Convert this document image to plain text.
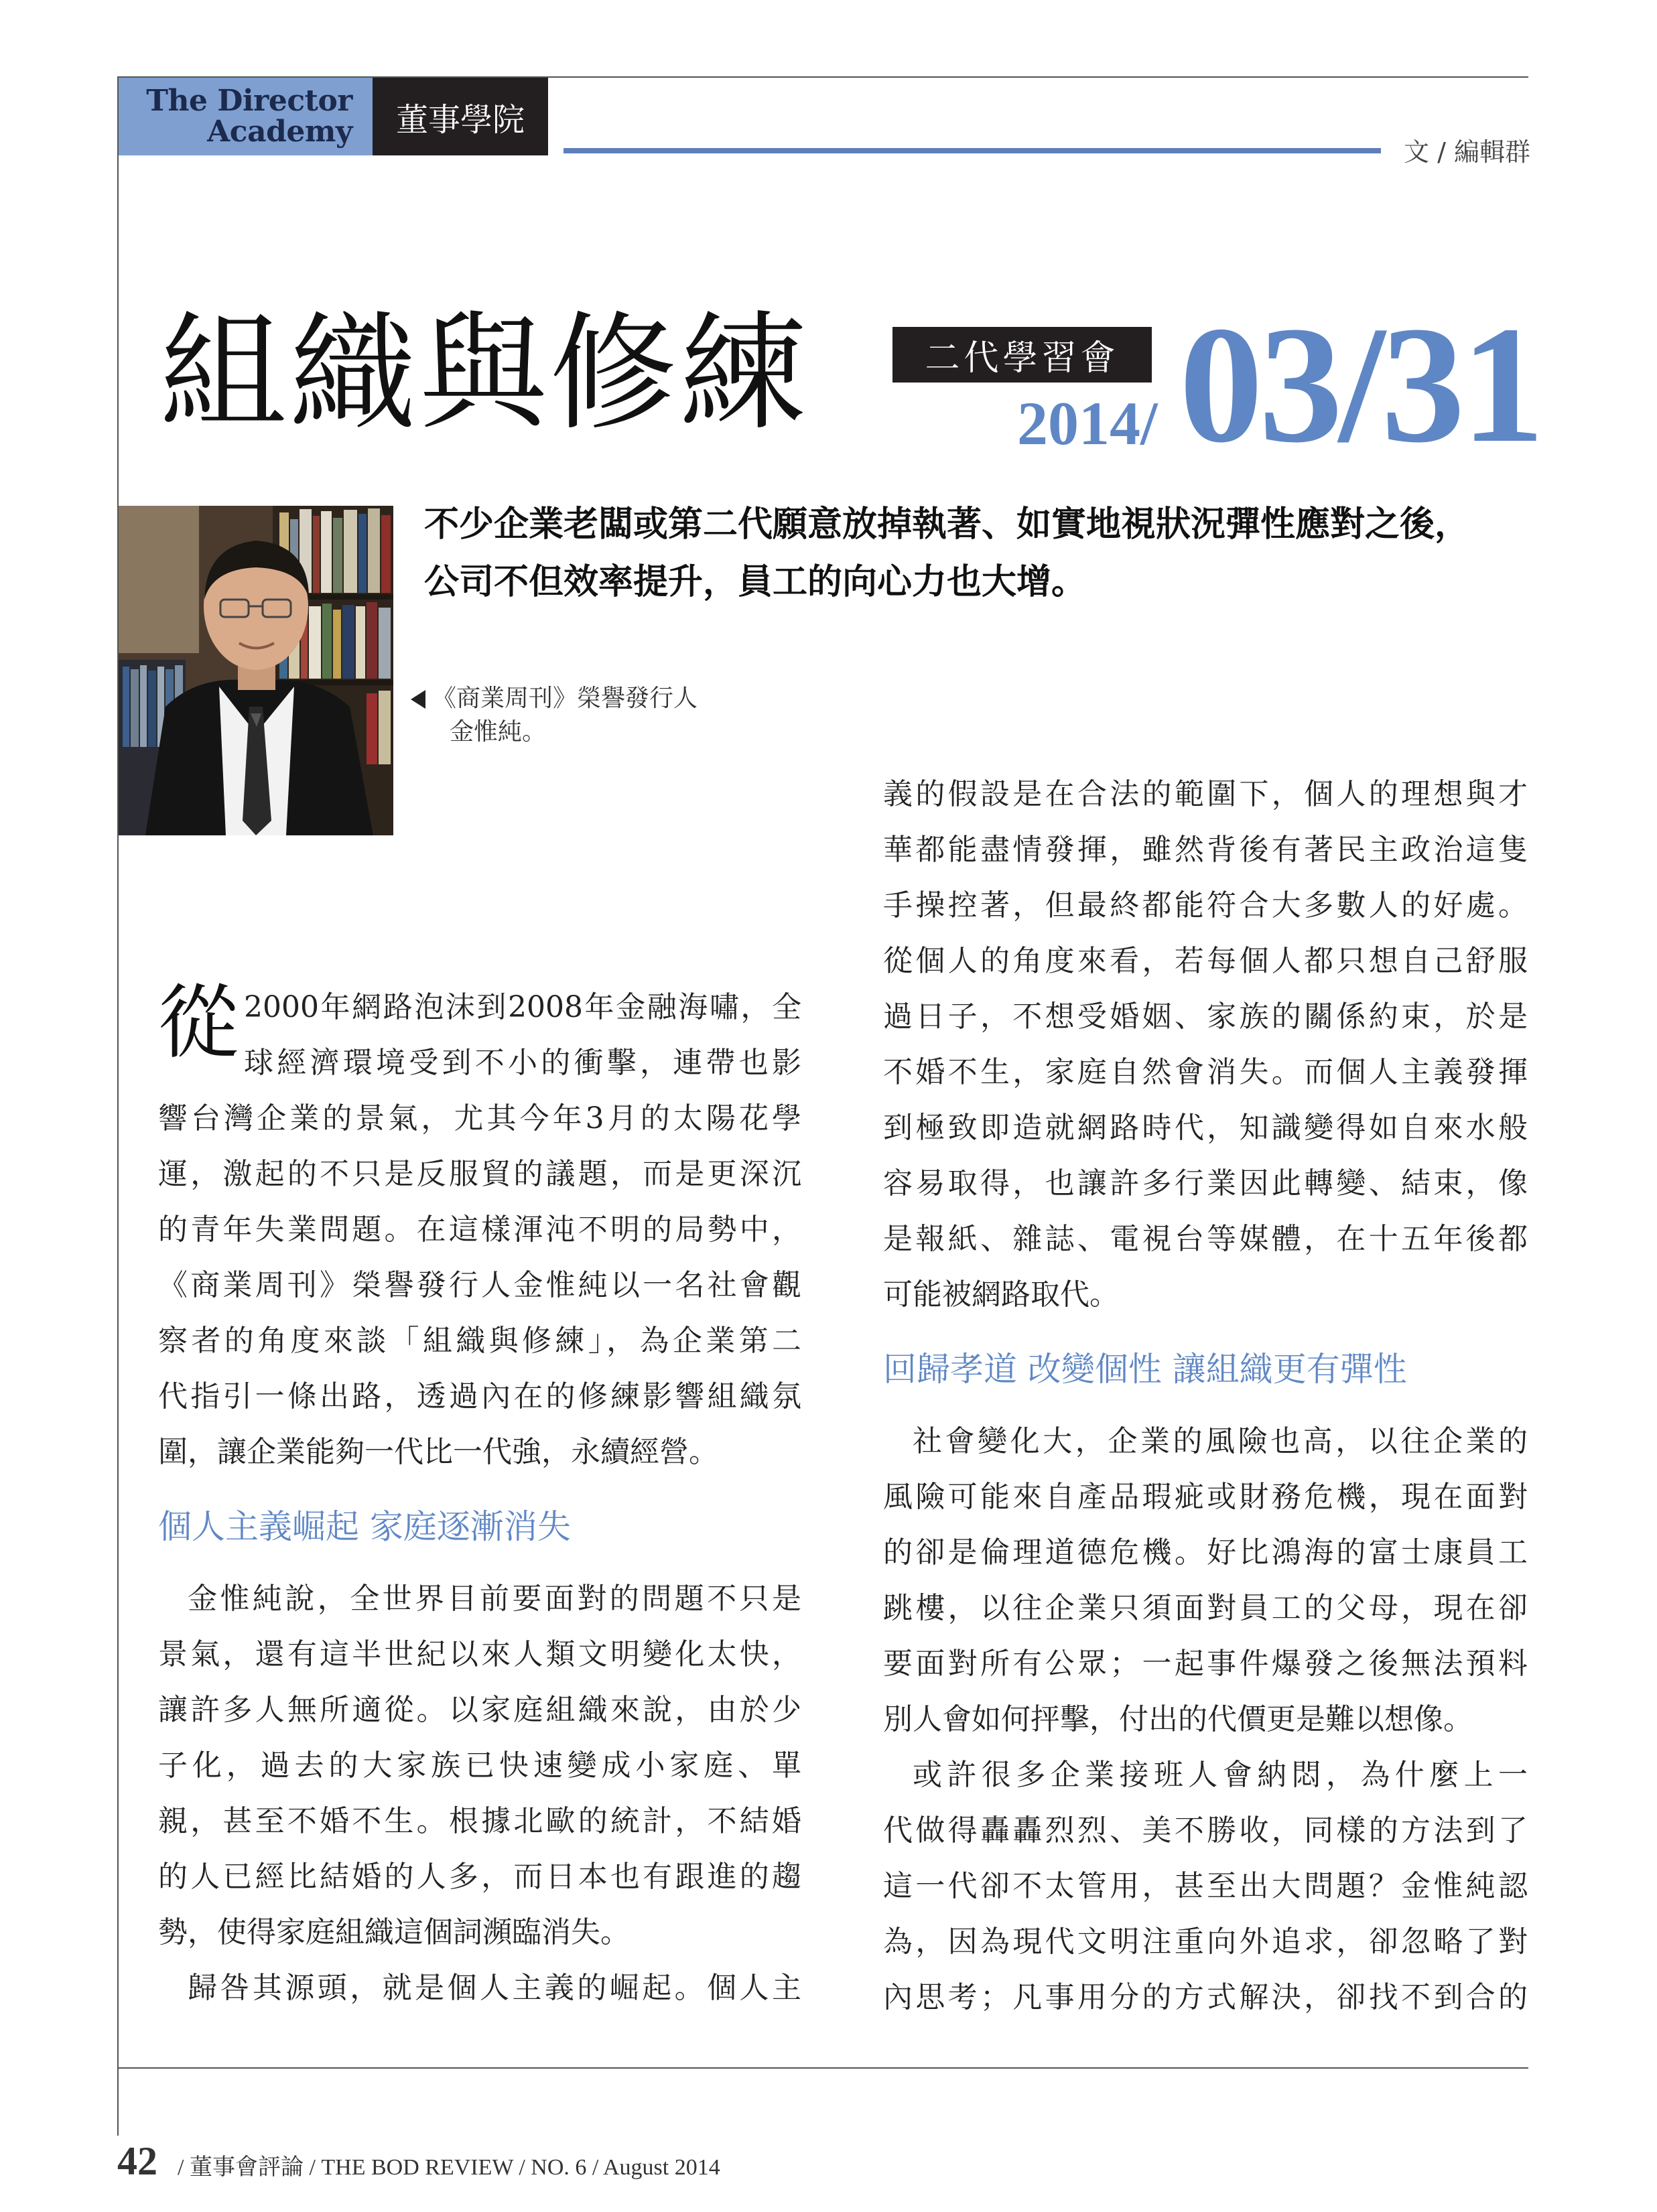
The Director
Academy	董事學院
文 / 編輯群
組織與修練	二代學習會
2014/ 03/31
不少企業老闆或第二代願意放掉執著、如實地視狀況彈性應對之後，
公司不但效率提升，員工的向心力也大增。
《商業周刊》榮譽發行人
金惟純。
從 2000年網路泡沫到2008年金融海嘯，全

球經濟環境受到不小的衝擊，連帶也影

響台灣企業的景氣，尤其今年3月的太陽花學

運，激起的不只是反服貿的議題，而是更深沉

的青年失業問題。在這樣渾沌不明的局勢中，

《商業周刊》榮譽發行人金惟純以一名社會觀

察者的角度來談「組織與修練」，為企業第二

代指引一條出路，透過內在的修練影響組織氛

圍，讓企業能夠一代比一代強，永續經營。

個人主義崛起 家庭逐漸消失

金惟純說，全世界目前要面對的問題不只是

景氣，還有這半世紀以來人類文明變化太快，

讓許多人無所適從。以家庭組織來說，由於少

子化，過去的大家族已快速變成小家庭、單

親，甚至不婚不生。根據北歐的統計，不結婚

的人已經比結婚的人多，而日本也有跟進的趨

勢，使得家庭組織這個詞瀕臨消失。

歸咎其源頭，就是個人主義的崛起。個人主

義的假設是在合法的範圍下，個人的理想與才

華都能盡情發揮，雖然背後有著民主政治這隻

手操控著，但最終都能符合大多數人的好處。

從個人的角度來看，若每個人都只想自己舒服

過日子，不想受婚姻、家族的關係約束，於是

不婚不生，家庭自然會消失。而個人主義發揮

到極致即造就網路時代，知識變得如自來水般

容易取得，也讓許多行業因此轉變、結束，像

是報紙、雜誌、電視台等媒體，在十五年後都

可能被網路取代。

回歸孝道 改變個性 讓組織更有彈性

社會變化大，企業的風險也高，以往企業的

風險可能來自產品瑕疵或財務危機，現在面對

的卻是倫理道德危機。好比鴻海的富士康員工

跳樓，以往企業只須面對員工的父母，現在卻

要面對所有公眾；一起事件爆發之後無法預料

別人會如何抨擊，付出的代價更是難以想像。

或許很多企業接班人會納悶，為什麼上一

代做得轟轟烈烈、美不勝收，同樣的方法到了

這一代卻不太管用，甚至出大問題？金惟純認

為，因為現代文明注重向外追求，卻忽略了對

內思考；凡事用分的方式解決，卻找不到合的

42 / 董事會評論 / THE BOD REVIEW / NO. 6 / August 2014
